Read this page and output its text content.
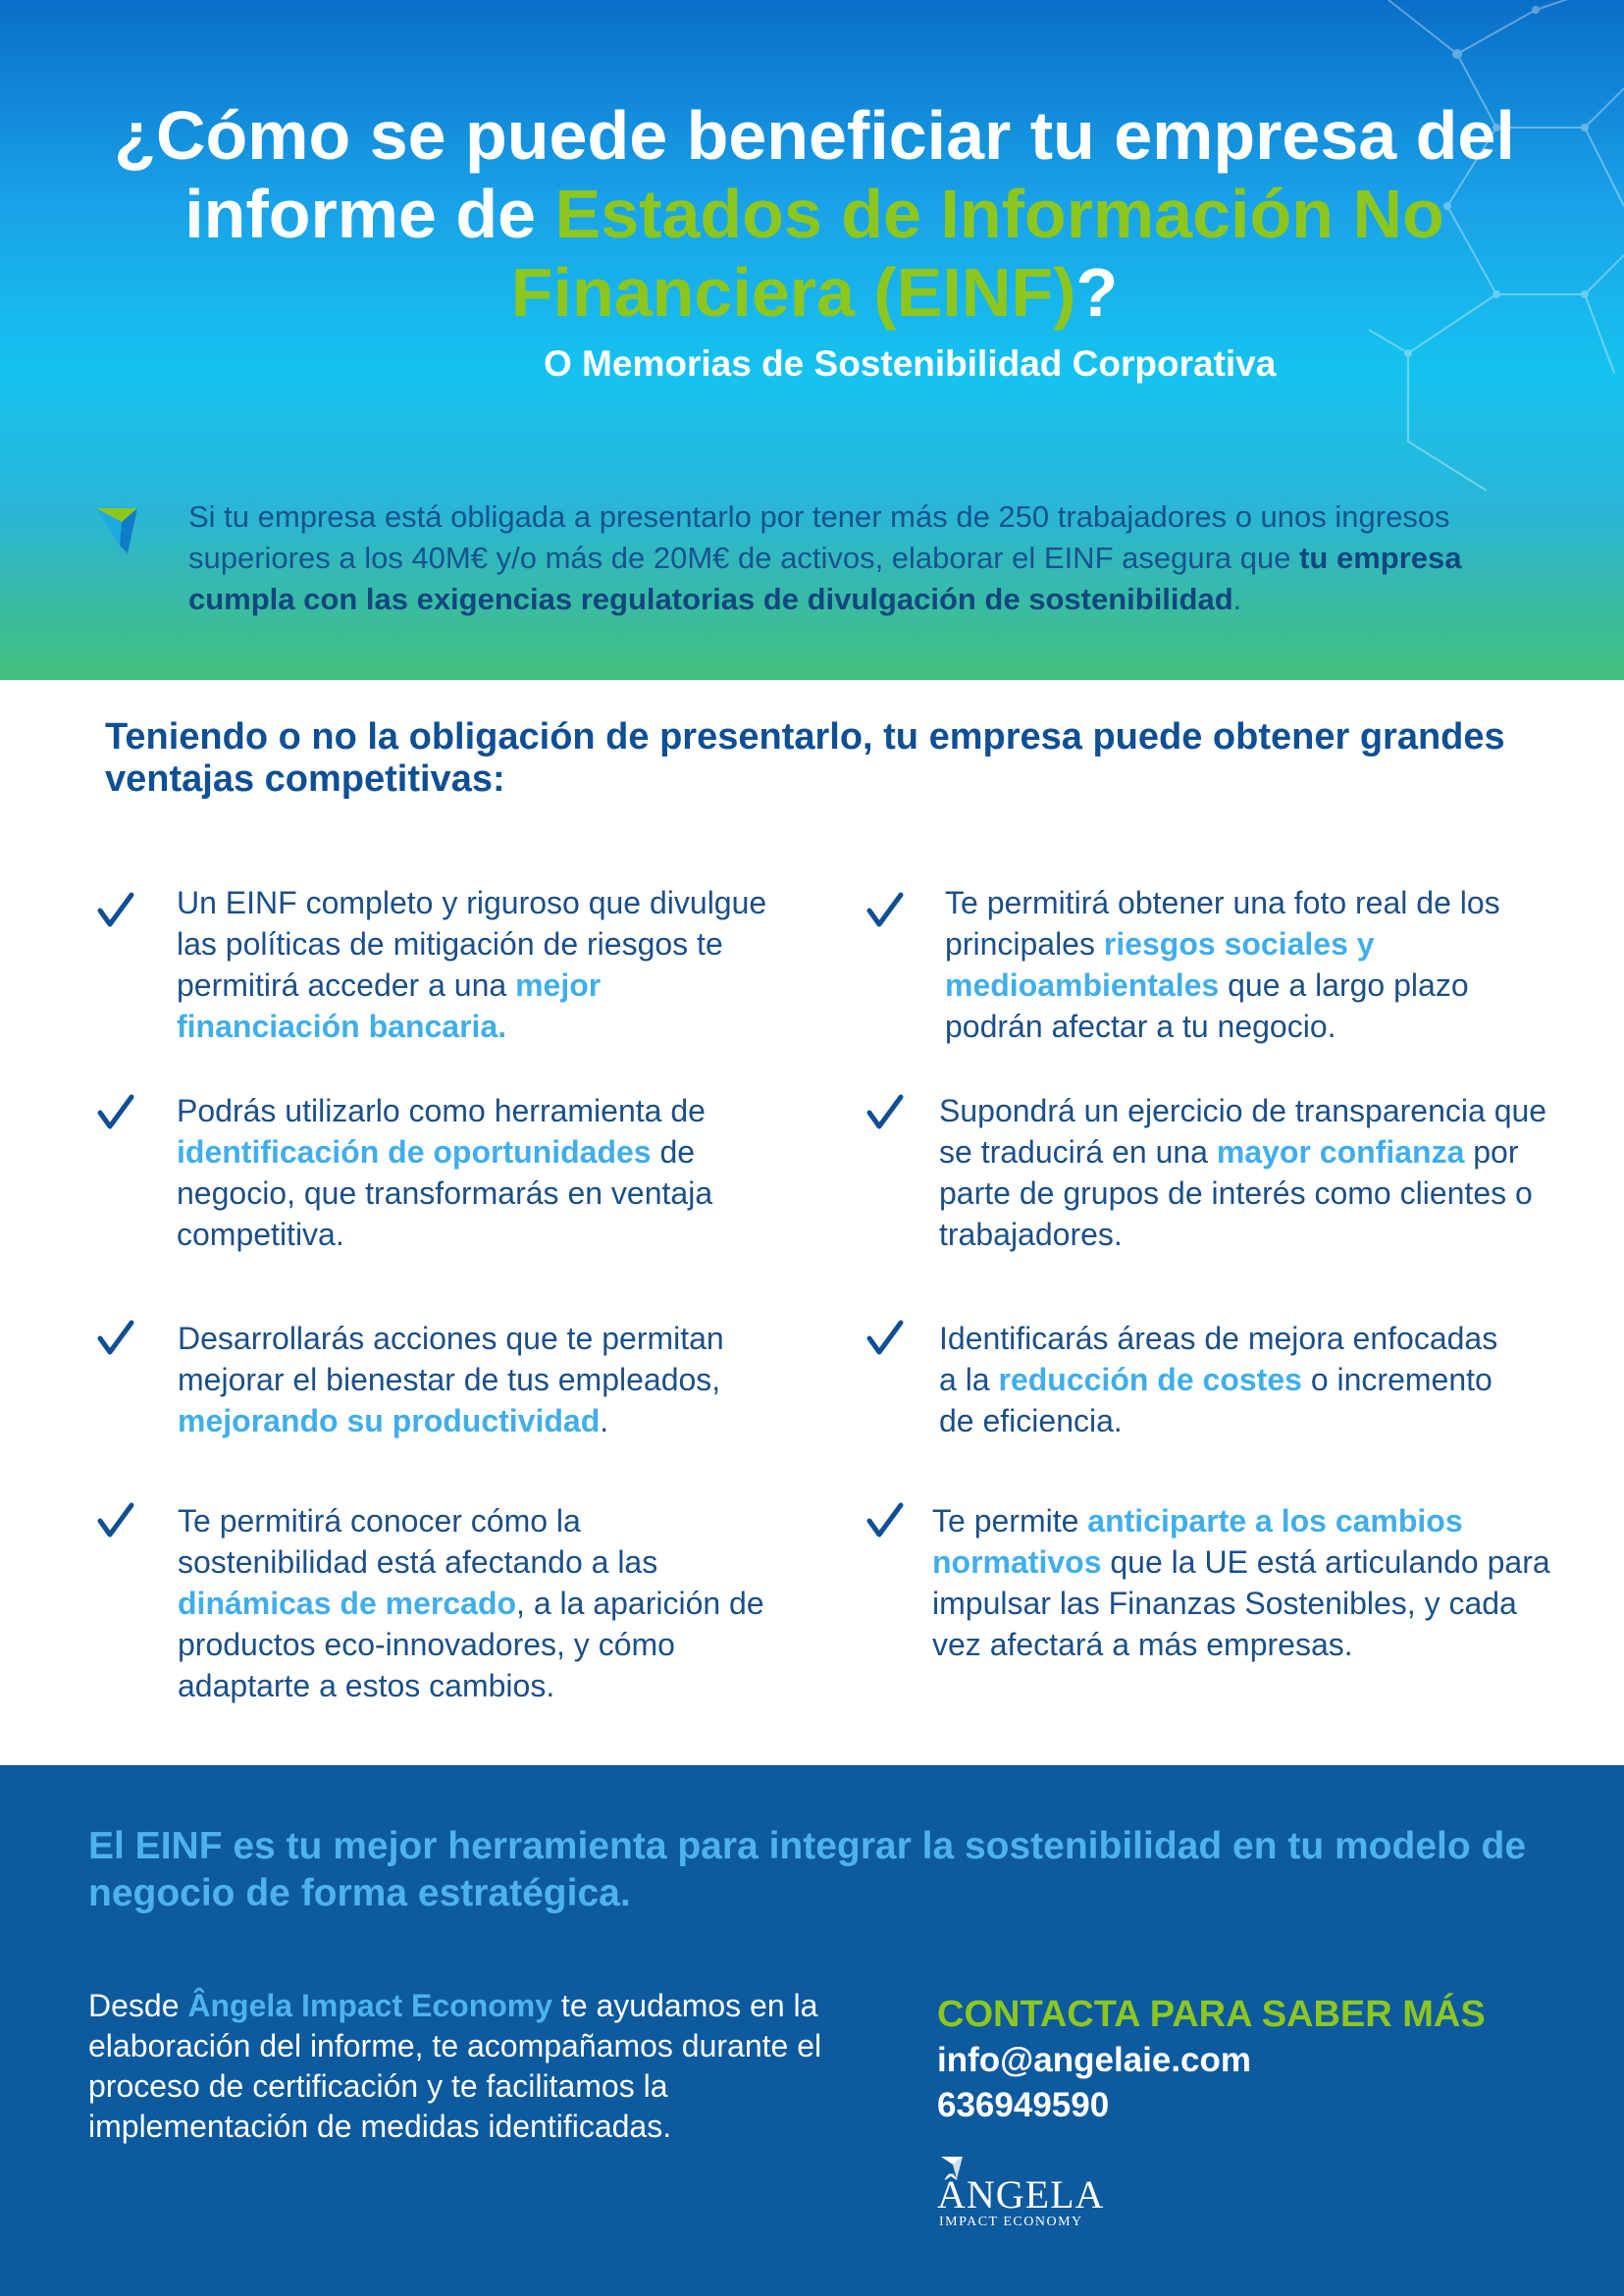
¿Cómo se puede beneficiar tu empresa del informe de Estados de Información No Financiera (EINF)?

O Memorias de Sostenibilidad Corporativa

Si tu empresa está obligada a presentarlo por tener más de 250 trabajadores o unos ingresos superiores a los 40M€ y/o más de 20M€ de activos, elaborar el EINF asegura que tu empresa cumpla con las exigencias regulatorias de divulgación de sostenibilidad.

Teniendo o no la obligación de presentarlo, tu empresa puede obtener grandes ventajas competitivas:

Un EINF completo y riguroso que divulgue las políticas de mitigación de riesgos te permitirá acceder a una mejor financiación bancaria.

Podrás utilizarlo como herramienta de identificación de oportunidades de negocio, que transformarás en ventaja competitiva.

Desarrollarás acciones que te permitan mejorar el bienestar de tus empleados, mejorando su productividad.

Te permitirá conocer cómo la sostenibilidad está afectando a las dinámicas de mercado, a la aparición de productos eco-innovadores, y cómo adaptarte a estos cambios.

Te permitirá obtener una foto real de los principales riesgos sociales y medioambientales que a largo plazo podrán afectar a tu negocio.

Supondrá un ejercicio de transparencia que se traducirá en una mayor confianza por parte de grupos de interés como clientes o trabajadores.

Identificarás áreas de mejora enfocadas a la reducción de costes o incremento de eficiencia.

Te permite anticiparte a los cambios normativos que la UE está articulando para impulsar las Finanzas Sostenibles, y cada vez afectará a más empresas.

El EINF es tu mejor herramienta para integrar la sostenibilidad en tu modelo de negocio de forma estratégica.

Desde Ângela Impact Economy te ayudamos en la elaboración del informe, te acompañamos durante el proceso de certificación y te facilitamos la implementación de medidas identificadas.

CONTACTA PARA SABER MÁS

info@angelaie.com

636949590

ÂNGELA
IMPACT ECONOMY
